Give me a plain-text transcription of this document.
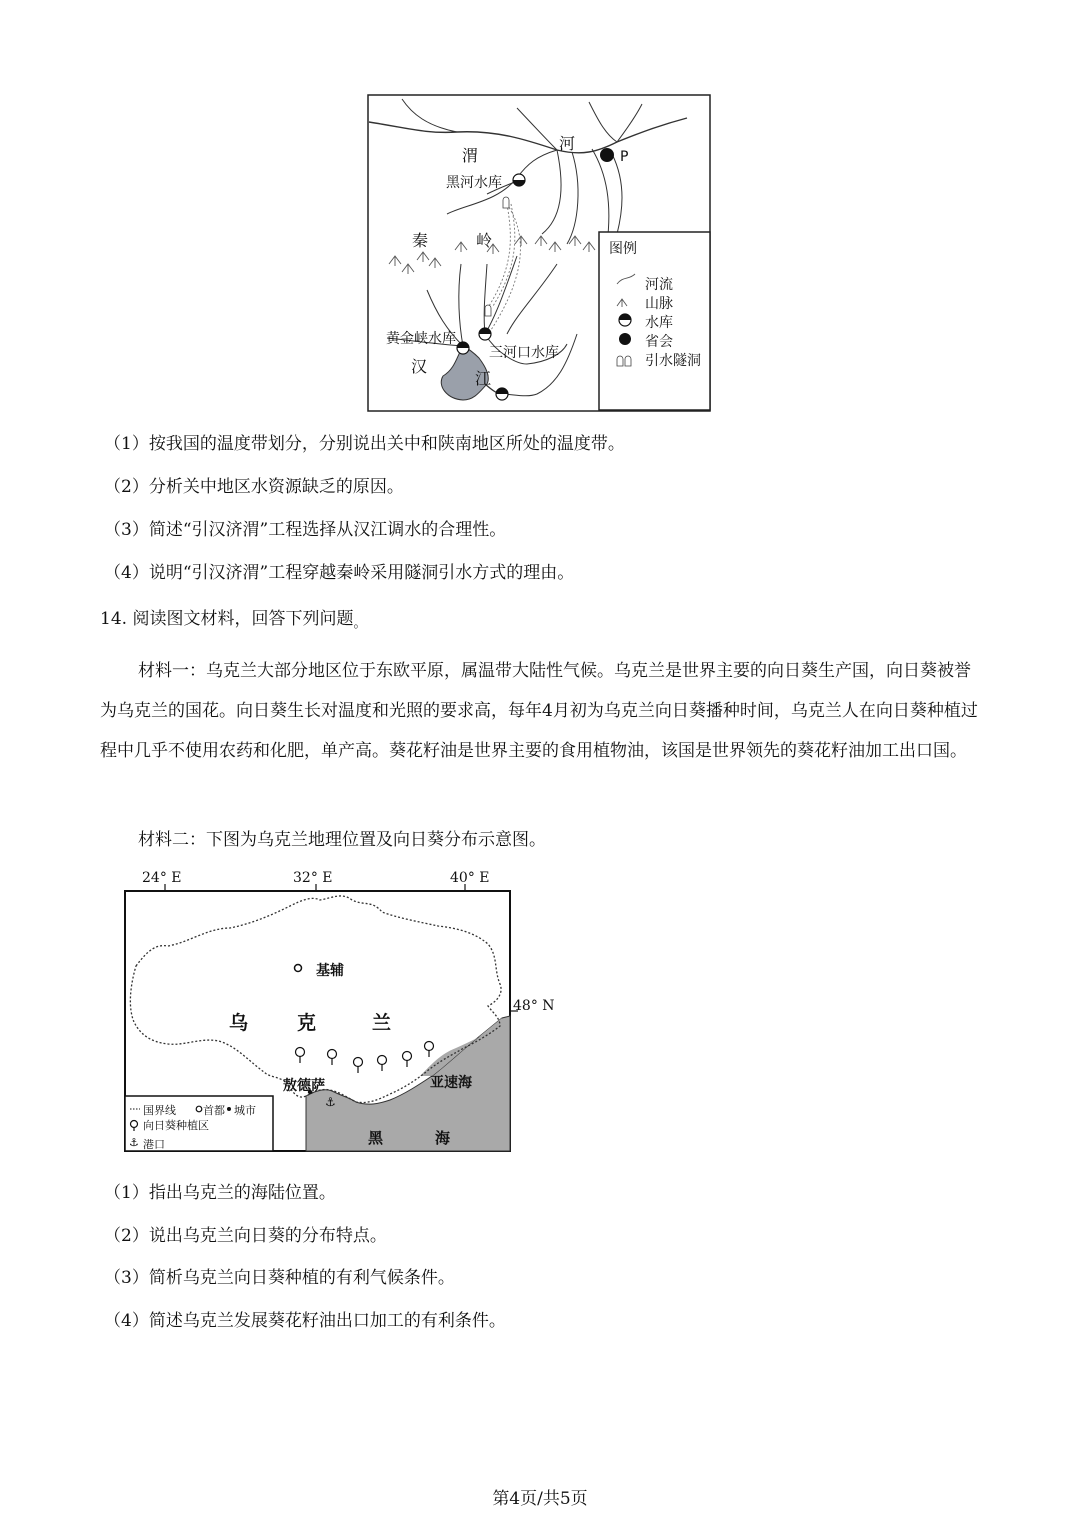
渭
河
P
黑河水库
秦	岭
黄金峡水库
三河口水库
汉
江
图例
河流
山脉
水库
省会
引水隧洞
（1）按我国的温度带划分，分别说出关中和陕南地区所处的温度带。
（2）分析关中地区水资源缺乏的原因。
（3）简述“引汉济渭”工程选择从汉江调水的合理性。
（4）说明“引汉济渭”工程穿越秦岭采用隧洞引水方式的理由。
14. 阅读图文材料，回答下列问题。
材料一：乌克兰大部分地区位于东欧平原，属温带大陆性气候。乌克兰是世界主要的向日葵生产国，向日葵被誉为乌克兰的国花。向日葵生长对温度和光照的要求高，每年4月初为乌克兰向日葵播种时间，乌克兰人在向日葵种植过程中几乎不使用农药和化肥，单产高。葵花籽油是世界主要的食用植物油，该国是世界领先的葵花籽油加工出口国。
材料二：下图为乌克兰地理位置及向日葵分布示意图。
⚓
⚓
24° E	32° E	40° E
48° N
基辅
乌	克	兰
敖德萨	亚速海
黑	海
国界线 首都 城市
向日葵种植区
港口
（1）指出乌克兰的海陆位置。
（2）说出乌克兰向日葵的分布特点。
（3）简析乌克兰向日葵种植的有利气候条件。
（4）简述乌克兰发展葵花籽油出口加工的有利条件。
第4页/共5页
